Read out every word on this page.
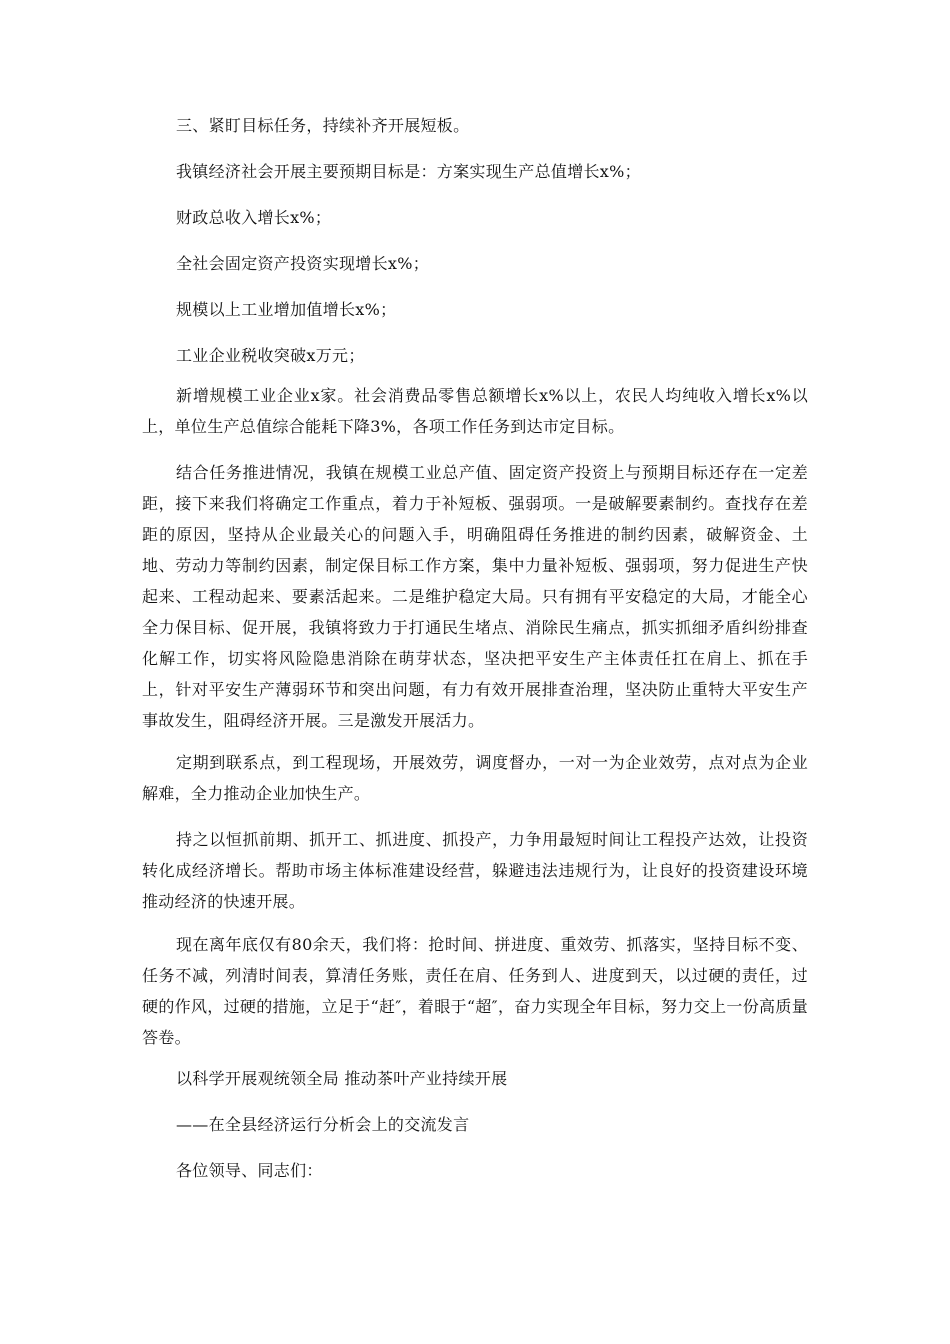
三、紧盯目标任务，持续补齐开展短板。

我镇经济社会开展主要预期目标是：方案实现生产总值增长x%；

财政总收入增长x%；

全社会固定资产投资实现增长x%；

规模以上工业增加值增长x%；

工业企业税收突破x万元；

新增规模工业企业x家。社会消费品零售总额增长x%以上，农民人均纯收入增长x%以上，单位生产总值综合能耗下降3%，各项工作任务到达市定目标。

结合任务推进情况，我镇在规模工业总产值、固定资产投资上与预期目标还存在一定差距，接下来我们将确定工作重点，着力于补短板、强弱项。一是破解要素制约。查找存在差距的原因，坚持从企业最关心的问题入手，明确阻碍任务推进的制约因素，破解资金、土地、劳动力等制约因素，制定保目标工作方案，集中力量补短板、强弱项，努力促进生产快起来、工程动起来、要素活起来。二是维护稳定大局。只有拥有平安稳定的大局，才能全心全力保目标、促开展，我镇将致力于打通民生堵点、消除民生痛点，抓实抓细矛盾纠纷排查化解工作，切实将风险隐患消除在萌芽状态，坚决把平安生产主体责任扛在肩上、抓在手上，针对平安生产薄弱环节和突出问题，有力有效开展排查治理，坚决防止重特大平安生产事故发生，阻碍经济开展。三是激发开展活力。

定期到联系点，到工程现场，开展效劳，调度督办，一对一为企业效劳，点对点为企业解难，全力推动企业加快生产。

持之以恒抓前期、抓开工、抓进度、抓投产，力争用最短时间让工程投产达效，让投资转化成经济增长。帮助市场主体标准建设经营，躲避违法违规行为，让良好的投资建设环境推动经济的快速开展。

现在离年底仅有80余天，我们将：抢时间、拼进度、重效劳、抓落实，坚持目标不变、任务不减，列清时间表，算清任务账，责任在肩、任务到人、进度到天，以过硬的责任，过硬的作风，过硬的措施，立足于“赶″，着眼于“超″，奋力实现全年目标，努力交上一份高质量答卷。

以科学开展观统领全局 推动茶叶产业持续开展

——在全县经济运行分析会上的交流发言

各位领导、同志们：
